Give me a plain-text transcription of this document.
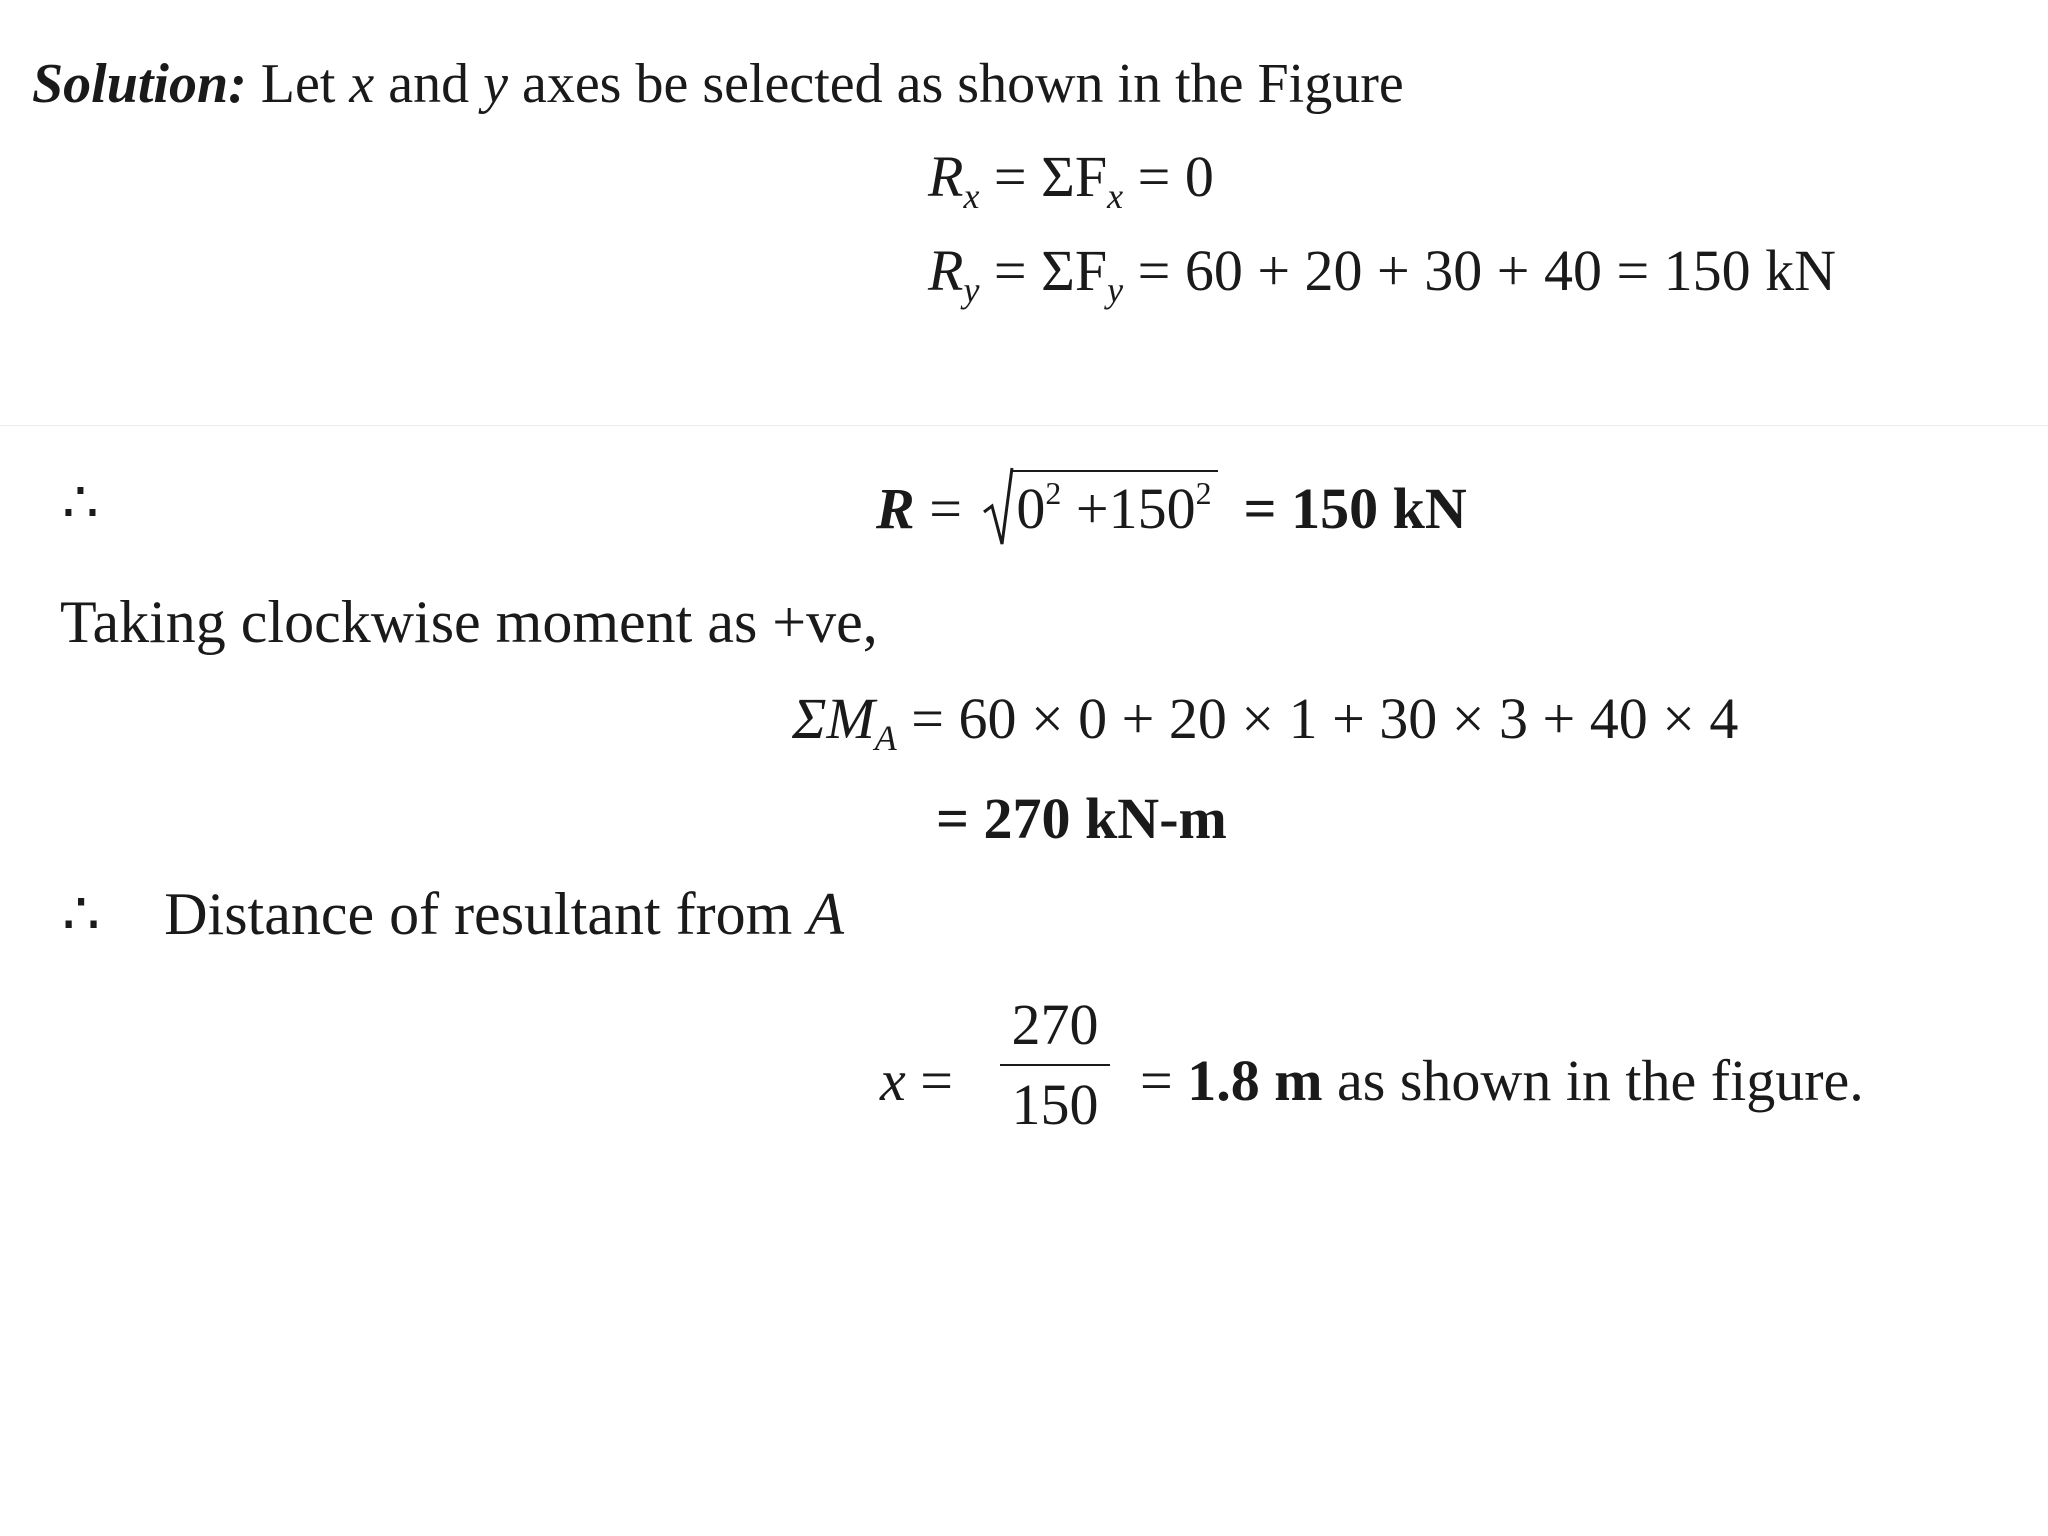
Solution: Let x and y axes be selected as shown in the Figure
$R_x = \Sigma F_x = 0$
$R_y = \Sigma F_y = 60 + 20 + 30 + 40 = 150$ kN
∴	R =
$0^2 +150^2 = 150$ kN
Taking clockwise moment as +ve,
$\Sigma M_A = 60 \times 0 + 20 \times 1 + 30 \times 3 + 40 \times 4$
= 270 kN-m
∴ Distance of resultant from A
x =
270
150 = 1.8 m as shown in the figure.
